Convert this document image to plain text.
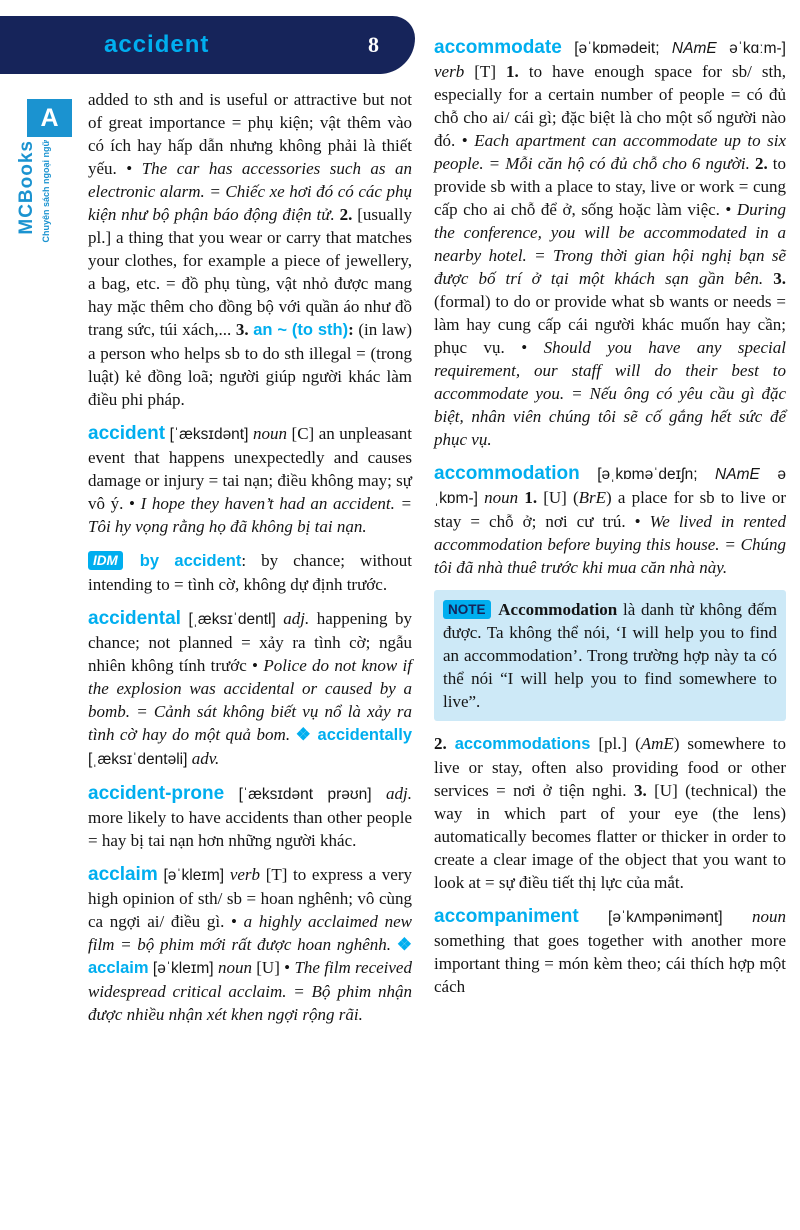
accident	8
A
MCBooks Chuyên sách ngoại ngữ
added to sth and is useful or attractive but not of great importance = phụ kiện; vật thêm vào có ích hay hấp dẫn nhưng không phải là thiết yếu. • The car has accessories such as an electronic alarm. = Chiếc xe hơi đó có các phụ kiện như bộ phận báo động điện tử. 2. [usually pl.] a thing that you wear or carry that matches your clothes, for example a piece of jewellery, a bag, etc. = đồ phụ tùng, vật nhỏ được mang hay mặc thêm cho đồng bộ với quần áo như đồ trang sức, túi xách,... 3. an ~ (to sth): (in law) a person who helps sb to do sth illegal = (trong luật) kẻ đồng loã; người giúp người khác làm điều phi pháp.
accident [ˈæksɪdənt] noun [C] an unpleasant event that happens unexpectedly and causes damage or injury = tai nạn; điều không may; sự vô ý. • I hope they haven’t had an accident. = Tôi hy vọng rằng họ đã không bị tai nạn.
IDM by accident: by chance; without intending to = tình cờ, không dự định trước.
accidental [ˌæksɪˈdentl] adj. happening by chance; not planned = xảy ra tình cờ; ngẫu nhiên không tính trước • Police do not know if the explosion was accidental or caused by a bomb. = Cảnh sát không biết vụ nổ là xảy ra tình cờ hay do một quả bom. ❖ accidentally [ˌæksɪˈdentəli] adv.
accident-prone [ˈæksɪdənt prəʊn] adj. more likely to have accidents than other people = hay bị tai nạn hơn những người khác.
acclaim [əˈkleɪm] verb [T] to express a very high opinion of sth/ sb = hoan nghênh; vô cùng ca ngợi ai/ điều gì. • a highly acclaimed new film = bộ phim mới rất được hoan nghênh. ❖ acclaim [əˈkleɪm] noun [U] • The film received widespread critical acclaim. = Bộ phim nhận được nhiều nhận xét khen ngợi rộng rãi.
accommodate [əˈkɒmədeit; NAmE əˈkɑːm-] verb [T] 1. to have enough space for sb/ sth, especially for a certain number of people = có đủ chỗ cho ai/ cái gì; đặc biệt là cho một số người nào đó. • Each apartment can accommodate up to six people. = Mỗi căn hộ có đủ chỗ cho 6 người. 2. to provide sb with a place to stay, live or work = cung cấp cho ai chỗ để ở, sống hoặc làm việc. • During the conference, you will be accommodated in a nearby hotel. = Trong thời gian hội nghị bạn sẽ được bố trí ở tại một khách sạn gần bên. 3. (formal) to do or provide what sb wants or needs = làm hay cung cấp cái người khác muốn hay cần; phục vụ. • Should you have any special requirement, our staff will do their best to accommodate you. = Nếu ông có yêu cầu gì đặc biệt, nhân viên chúng tôi sẽ cố gắng hết sức để phục vụ.
accommodation [əˌkɒməˈdeɪʃn; NAmE əˌkɒm-] noun 1. [U] (BrE) a place for sb to live or stay = chỗ ở; nơi cư trú. • We lived in rented accommodation before buying this house. = Chúng tôi đã nhà thuê trước khi mua căn nhà này.
NOTE Accommodation là danh từ không đếm được. Ta không thể nói, ‘I will help you to find an accommodation’. Trong trường hợp này ta có thể nói “I will help you to find somewhere to live”.
2. accommodations [pl.] (AmE) somewhere to live or stay, often also providing food or other services = nơi ở tiện nghi. 3. [U] (technical) the way in which part of your eye (the lens) automatically becomes flatter or thicker in order to create a clear image of the object that you want to look at = sự điều tiết thị lực của mắt.
accompaniment [əˈkʌmpənimənt] noun something that goes together with another more important thing = món kèm theo; cái thích hợp một cách
